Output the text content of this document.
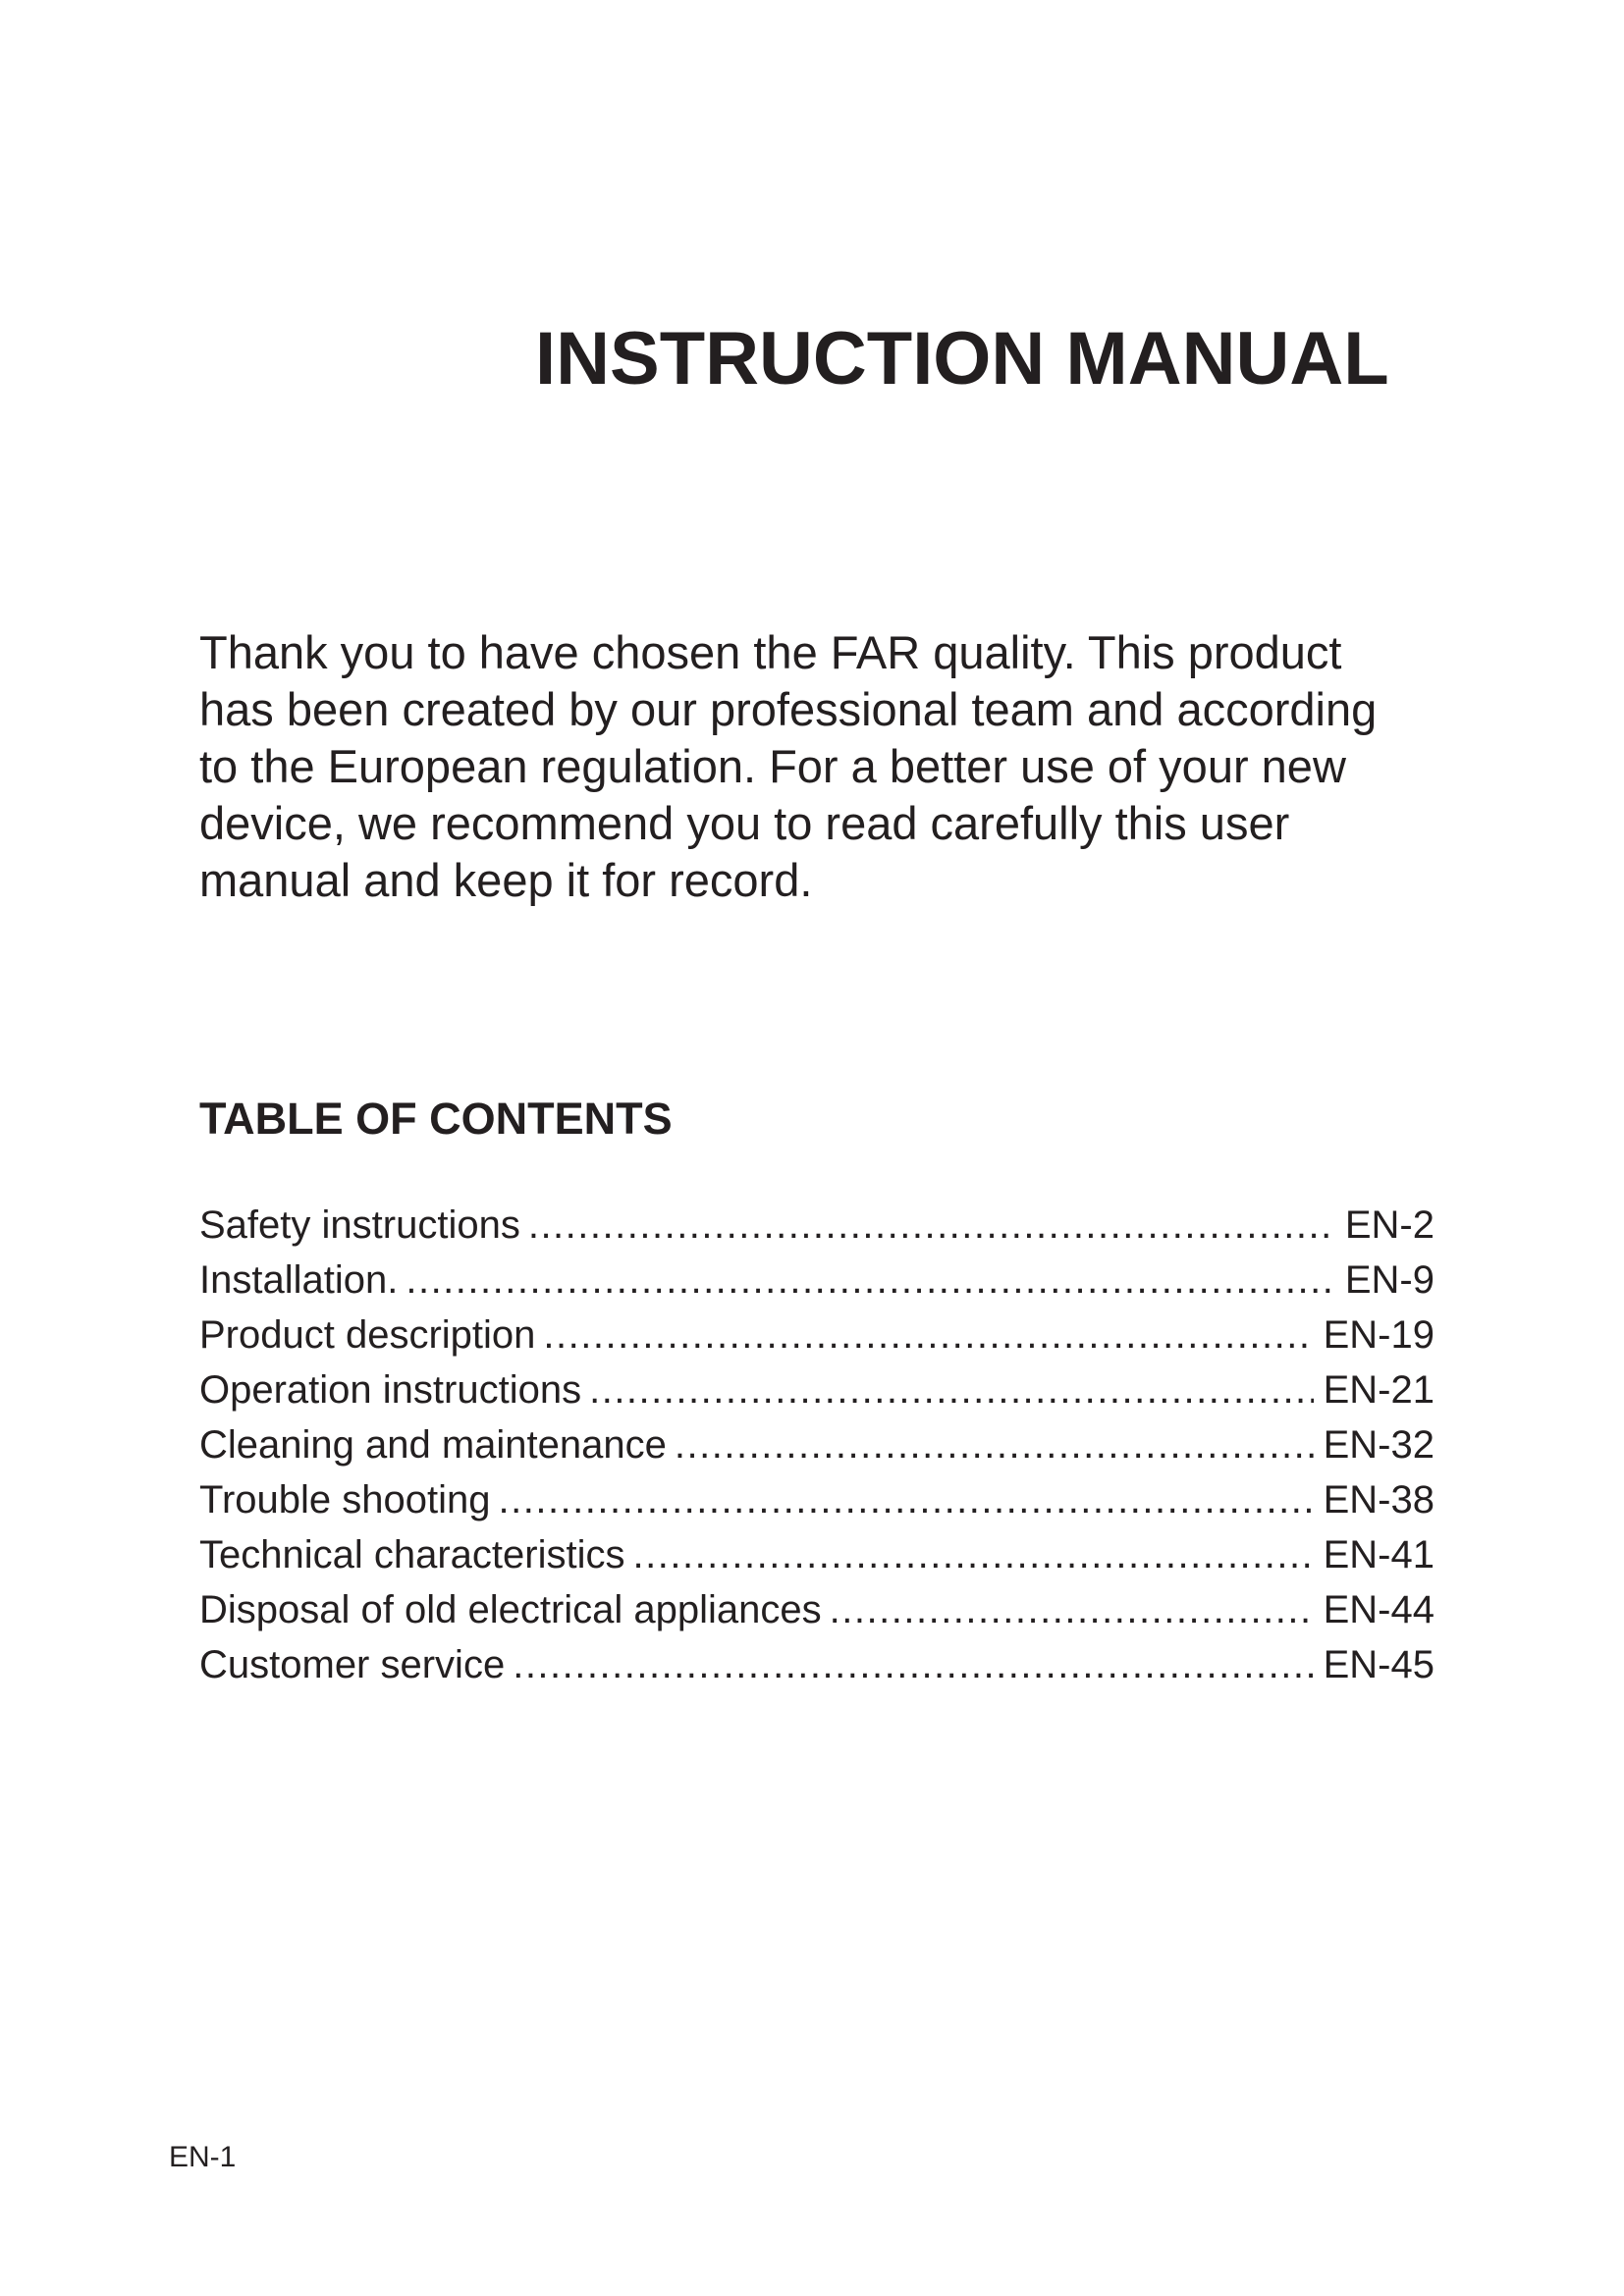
INSTRUCTION MANUAL
Thank you to have chosen the FAR quality. This product
has been created by our professional team and according
to the European regulation. For a better use of your new
device, we recommend you to read carefully this user
manual and keep it for record.
TABLE OF CONTENTS
Safety instructions .....	EN-2
Installation. .....	EN-9
Product description .....	EN-19
Operation instructions .....	EN-21
Cleaning and maintenance .....	EN-32
Trouble shooting .....	EN-38
Technical characteristics .....	EN-41
Disposal of old electrical appliances .....	EN-44
Customer service .....	EN-45
EN-1
